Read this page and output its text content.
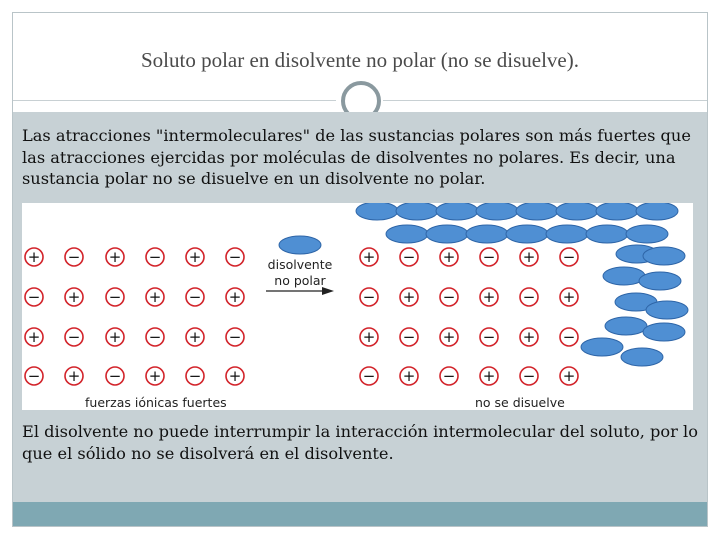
Soluto polar en disolvente no polar (no se disuelve).
Las atracciones "intermoleculares" de las sustancias polares son más fuertes que las atracciones ejercidas por moléculas de disolventes no polares. Es decir, una sustancia polar no se disuelve en un disolvente no polar.
+ − + − + −
− + − + − +
+ − + − + −
− + − + − +
+ − + − + −
− + − + − +
+ − + − + −
− + − + − +
disolvente
no polar
fuerzas iónicas fuertes	no se disuelve
El disolvente no puede interrumpir la interacción intermolecular del soluto, por lo que el sólido no se disolverá en el disolvente.
